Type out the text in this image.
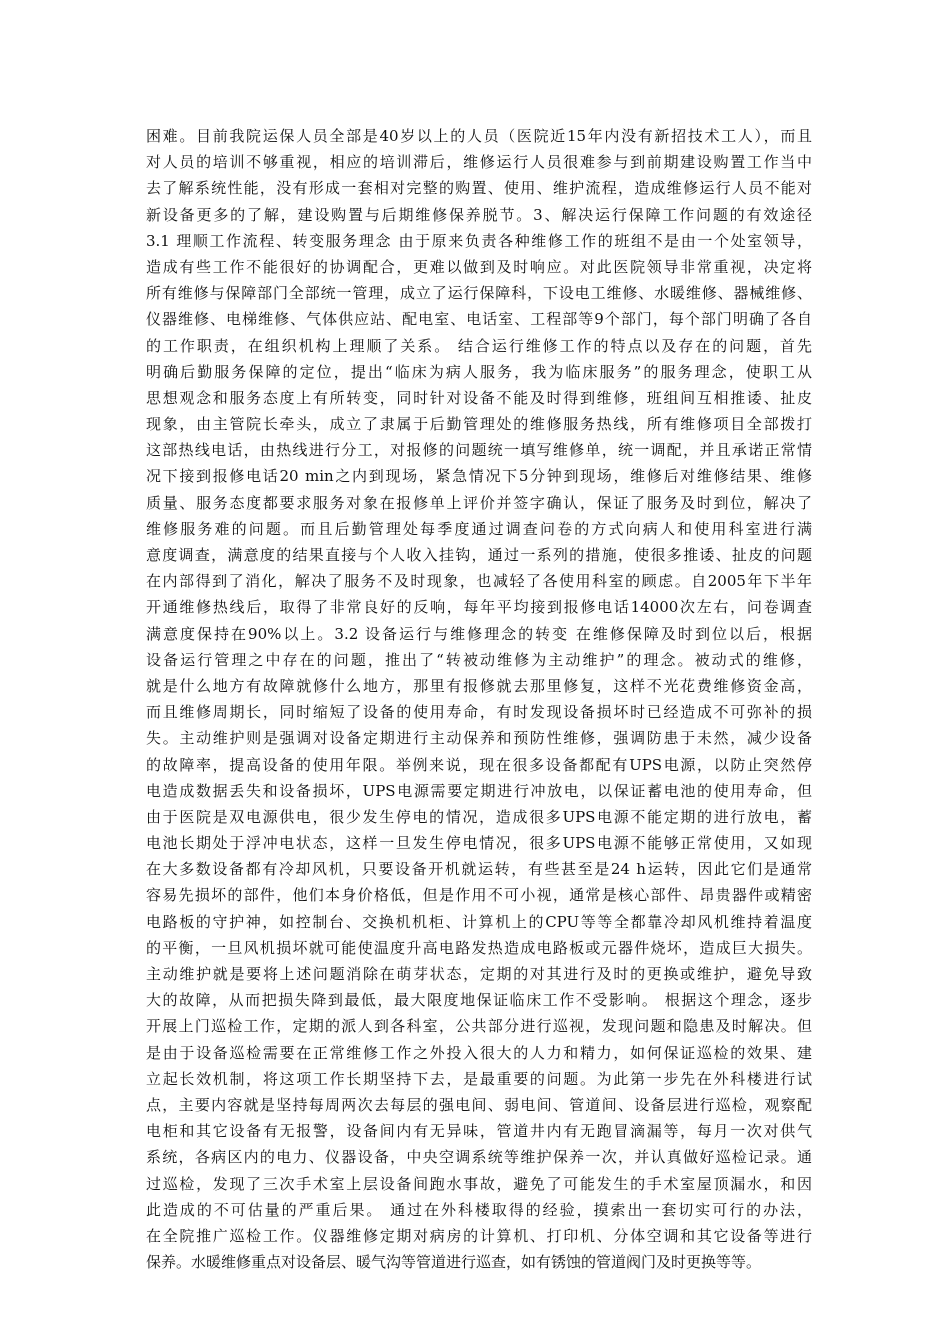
困难。目前我院运保人员全部是40岁以上的人员（医院近15年内没有新招技术工人），而且
对人员的培训不够重视，相应的培训滞后，维修运行人员很难参与到前期建设购置工作当中
去了解系统性能，没有形成一套相对完整的购置、使用、维护流程，造成维修运行人员不能对
新设备更多的了解，建设购置与后期维修保养脱节。3、解决运行保障工作问题的有效途径
3.1 理顺工作流程、转变服务理念 由于原来负责各种维修工作的班组不是由一个处室领导，
造成有些工作不能很好的协调配合，更难以做到及时响应。对此医院领导非常重视，决定将
所有维修与保障部门全部统一管理，成立了运行保障科，下设电工维修、水暖维修、器械维修、
仪器维修、电梯维修、气体供应站、配电室、电话室、工程部等9个部门，每个部门明确了各自
的工作职责，在组织机构上理顺了关系。 结合运行维修工作的特点以及存在的问题，首先
明确后勤服务保障的定位，提出“临床为病人服务，我为临床服务”的服务理念，使职工从
思想观念和服务态度上有所转变，同时针对设备不能及时得到维修，班组间互相推诿、扯皮
现象，由主管院长牵头，成立了隶属于后勤管理处的维修服务热线，所有维修项目全部拨打
这部热线电话，由热线进行分工，对报修的问题统一填写维修单，统一调配，并且承诺正常情
况下接到报修电话20 min之内到现场，紧急情况下5分钟到现场，维修后对维修结果、维修
质量、服务态度都要求服务对象在报修单上评价并签字确认，保证了服务及时到位，解决了
维修服务难的问题。而且后勤管理处每季度通过调查问卷的方式向病人和使用科室进行满
意度调查，满意度的结果直接与个人收入挂钩，通过一系列的措施，使很多推诿、扯皮的问题
在内部得到了消化，解决了服务不及时现象，也减轻了各使用科室的顾虑。自2005年下半年
开通维修热线后，取得了非常良好的反响，每年平均接到报修电话14000次左右，问卷调查
满意度保持在90%以上。3.2 设备运行与维修理念的转变 在维修保障及时到位以后，根据
设备运行管理之中存在的问题，推出了“转被动维修为主动维护”的理念。被动式的维修，
就是什么地方有故障就修什么地方，那里有报修就去那里修复，这样不光花费维修资金高，
而且维修周期长，同时缩短了设备的使用寿命，有时发现设备损坏时已经造成不可弥补的损
失。主动维护则是强调对设备定期进行主动保养和预防性维修，强调防患于未然，减少设备
的故障率，提高设备的使用年限。举例来说，现在很多设备都配有UPS电源，以防止突然停
电造成数据丢失和设备损坏，UPS电源需要定期进行冲放电，以保证蓄电池的使用寿命，但
由于医院是双电源供电，很少发生停电的情况，造成很多UPS电源不能定期的进行放电，蓄
电池长期处于浮冲电状态，这样一旦发生停电情况，很多UPS电源不能够正常使用，又如现
在大多数设备都有冷却风机，只要设备开机就运转，有些甚至是24 h运转，因此它们是通常
容易先损坏的部件，他们本身价格低，但是作用不可小视，通常是核心部件、昂贵器件或精密
电路板的守护神，如控制台、交换机机柜、计算机上的CPU等等全都靠冷却风机维持着温度
的平衡，一旦风机损坏就可能使温度升高电路发热造成电路板或元器件烧坏，造成巨大损失。
主动维护就是要将上述问题消除在萌芽状态，定期的对其进行及时的更换或维护，避免导致
大的故障，从而把损失降到最低，最大限度地保证临床工作不受影响。 根据这个理念，逐步
开展上门巡检工作，定期的派人到各科室，公共部分进行巡视，发现问题和隐患及时解决。但
是由于设备巡检需要在正常维修工作之外投入很大的人力和精力，如何保证巡检的效果、建
立起长效机制，将这项工作长期坚持下去，是最重要的问题。为此第一步先在外科楼进行试
点，主要内容就是坚持每周两次去每层的强电间、弱电间、管道间、设备层进行巡检，观察配
电柜和其它设备有无报警，设备间内有无异味，管道井内有无跑冒滴漏等，每月一次对供气
系统，各病区内的电力、仪器设备，中央空调系统等维护保养一次，并认真做好巡检记录。通
过巡检，发现了三次手术室上层设备间跑水事故，避免了可能发生的手术室屋顶漏水，和因
此造成的不可估量的严重后果。 通过在外科楼取得的经验，摸索出一套切实可行的办法，
在全院推广巡检工作。仪器维修定期对病房的计算机、打印机、分体空调和其它设备等进行
保养。水暖维修重点对设备层、暖气沟等管道进行巡查，如有锈蚀的管道阀门及时更换等等。
